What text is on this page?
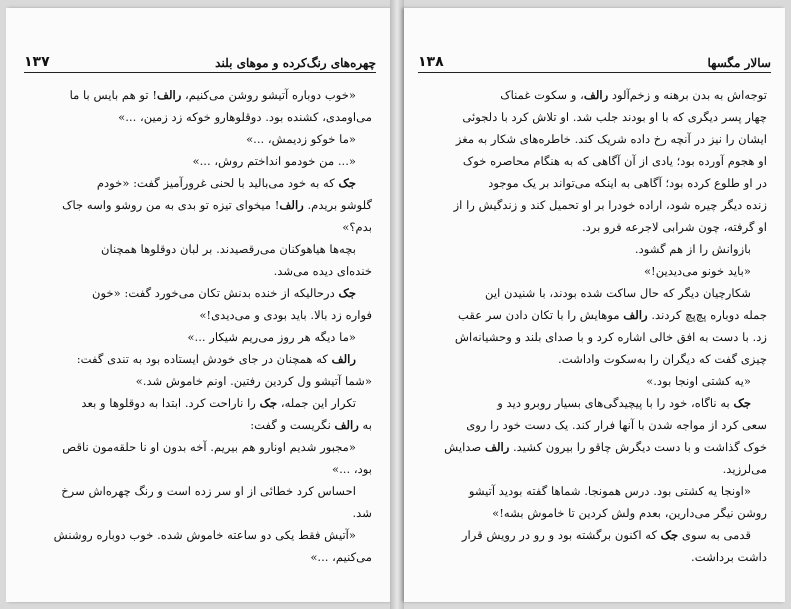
چهره‌های رنگ‌کرده و موهای بلند
۱۳۷

«خوب دوباره آتیشو روشن می‌کنیم، رالف! تو هم بایس با ما

می‌اومدی، کشنده بود. دوقلوهارو خوکه زد زمین، ...»

«ما خوکو زدیمش، ...»

«... من خودمو انداختم روش، ...»

جک که به خود می‌بالید با لحنی غرورآمیز گفت: «خودم

گلوشو بریدم. رالف! میخوای تیزه تو بدی به من روشو واسه جاک

بدم؟»

بچه‌ها هیاهوکنان می‌رقصیدند. بر لبان دوقلوها همچنان

خنده‌ای دیده می‌شد.

جک درحالیکه از خنده بدنش تکان می‌خورد گفت: «خون

فواره زد بالا. باید بودی و می‌دیدی!»

«ما دیگه هر روز می‌ریم شیکار ...»

رالف که همچنان در جای خودش ایستاده بود به تندی گفت:

«شما آتیشو ول کردین رفتین. اونم خاموش شد.»

تکرار این جمله، جک را ناراحت کرد. ابتدا به دوقلوها و بعد

به رالف نگریست و گفت:

«مجبور شدیم اونارو هم بیریم. آخه بدون او نا حلقه‌مون ناقص

بود، ...»

احساس کرد خطائی از او سر زده است و رنگ چهره‌اش سرخ

شد.

«آتیش فقط یکی دو ساعته خاموش شده. خوب دوباره روشنش

می‌کنیم، ...»

سالار مگسها
۱۳۸

توجه‌اش به بدن برهنه و زخم‌آلود رالف، و سکوت غمناک

چهار پسر دیگری که با او بودند جلب شد. او تلاش کرد با دلجوئی

ایشان را نیز در آنچه رخ داده شریک کند. خاطره‌های شکار به مغز

او هجوم آورده بود؛ یادی از آن آگاهی که به هنگام محاصره خوک

در او طلوع کرده بود؛ آگاهی به اینکه می‌تواند بر یک موجود

زنده دیگر چیره شود، اراده خودرا بر او تحمیل کند و زندگیش را از

او گرفته، چون شرابی لاجرعه فرو برد.

بازوانش را از هم گشود.

«باید خونو می‌دیدین!»

شکارچیان دیگر که حال ساکت شده بودند، با شنیدن این

جمله دوباره پچ‌پچ کردند. رالف موهایش را با تکان دادن سر عقب

زد. با دست به افق خالی اشاره کرد و با صدای بلند و وحشیانه‌اش

چیزی گفت که دیگران را به‌سکوت واداشت.

«یه کشتی اونجا بود.»

جک به ناگاه، خود را با پیچیدگی‌های بسیار روبرو دید و

سعی کرد از مواجه شدن با آنها فرار کند. یک دست خود را روی

خوک گذاشت و با دست دیگرش چاقو را بیرون کشید. رالف صدایش

می‌لرزید.

«اونجا یه کشتی بود. درس همونجا. شماها گفته بودید آتیشو

روشن نیگر می‌دارین، بعدم ولش کردین تا خاموش بشه!»

قدمی به سوی جک که اکنون برگشته بود و رو در رویش قرار

داشت برداشت.
